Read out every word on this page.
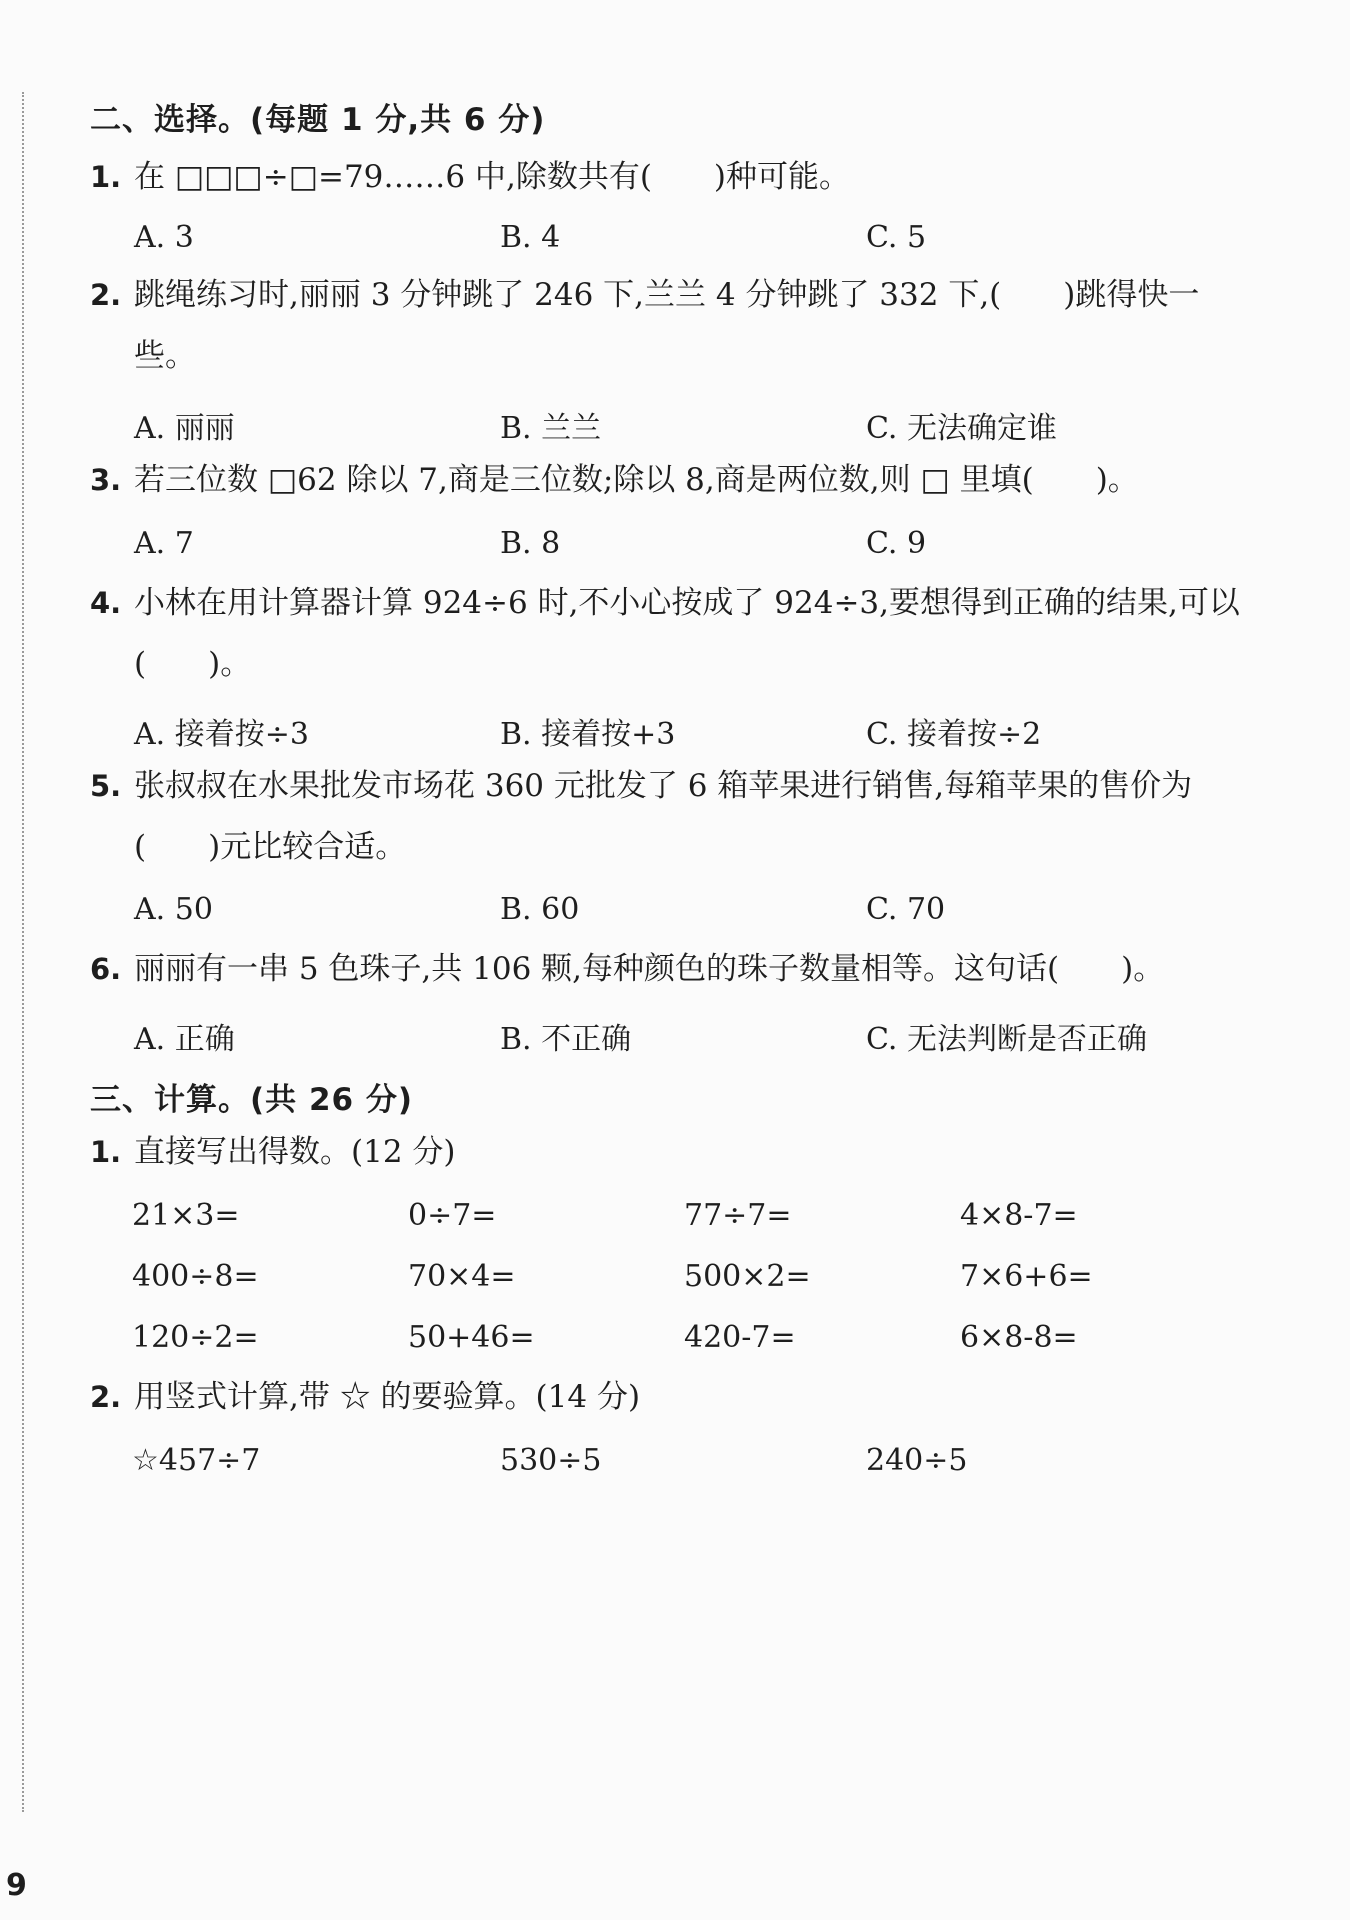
二、选择。(每题 1 分,共 6 分)
1. 在 □□□÷□=79……6 中,除数共有(　　)种可能。
A. 3	B. 4	C. 5
2. 跳绳练习时,丽丽 3 分钟跳了 246 下,兰兰 4 分钟跳了 332 下,(　　)跳得快一些。
A. 丽丽	B. 兰兰	C. 无法确定谁
3. 若三位数 □62 除以 7,商是三位数;除以 8,商是两位数,则 □ 里填(　　)。
A. 7	B. 8	C. 9
4. 小林在用计算器计算 924÷6 时,不小心按成了 924÷3,要想得到正确的结果,可以(　　)。
A. 接着按÷3	B. 接着按+3	C. 接着按÷2
5. 张叔叔在水果批发市场花 360 元批发了 6 箱苹果进行销售,每箱苹果的售价为(　　)元比较合适。
A. 50	B. 60	C. 70
6. 丽丽有一串 5 色珠子,共 106 颗,每种颜色的珠子数量相等。这句话(　　)。
A. 正确	B. 不正确	C. 无法判断是否正确
三、计算。(共 26 分)
1. 直接写出得数。(12 分)
21×3=	0÷7=	77÷7=	4×8-7=
400÷8=	70×4=	500×2=	7×6+6=
120÷2=	50+46=	420-7=	6×8-8=
2. 用竖式计算,带 ☆ 的要验算。(14 分)
☆457÷7	530÷5	240÷5
9
